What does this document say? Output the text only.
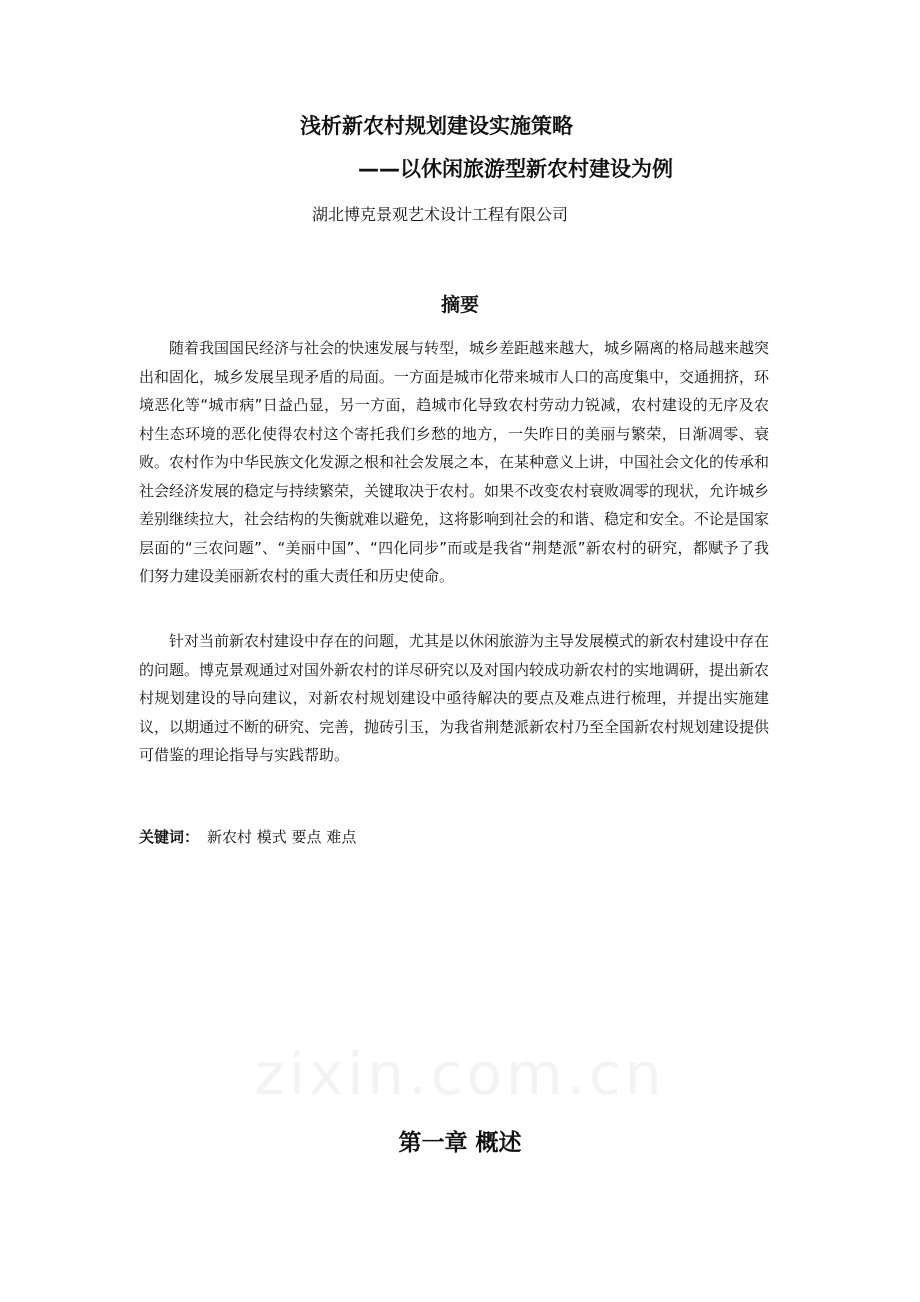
浅析新农村规划建设实施策略
——以休闲旅游型新农村建设为例
湖北博克景观艺术设计工程有限公司
摘要

随着我国国民经济与社会的快速发展与转型，城乡差距越来越大，城乡隔离的格局越来越突出和固化，城乡发展呈现矛盾的局面。一方面是城市化带来城市人口的高度集中，交通拥挤，环境恶化等“城市病”日益凸显，另一方面，趋城市化导致农村劳动力锐减，农村建设的无序及农村生态环境的恶化使得农村这个寄托我们乡愁的地方，一失昨日的美丽与繁荣，日渐凋零、衰败。农村作为中华民族文化发源之根和社会发展之本，在某种意义上讲，中国社会文化的传承和社会经济发展的稳定与持续繁荣，关键取决于农村。如果不改变农村衰败凋零的现状，允许城乡差别继续拉大，社会结构的失衡就难以避免，这将影响到社会的和谐、稳定和安全。不论是国家层面的“三农问题”、“美丽中国”、“四化同步”而或是我省“荆楚派”新农村的研究，都赋予了我们努力建设美丽新农村的重大责任和历史使命。

针对当前新农村建设中存在的问题，尤其是以休闲旅游为主导发展模式的新农村建设中存在的问题。博克景观通过对国外新农村的详尽研究以及对国内较成功新农村的实地调研，提出新农村规划建设的导向建议，对新农村规划建设中亟待解决的要点及难点进行梳理，并提出实施建议，以期通过不断的研究、完善，抛砖引玉，为我省荆楚派新农村乃至全国新农村规划建设提供可借鉴的理论指导与实践帮助。

关键词： 新农村 模式 要点 难点
第一章 概述
